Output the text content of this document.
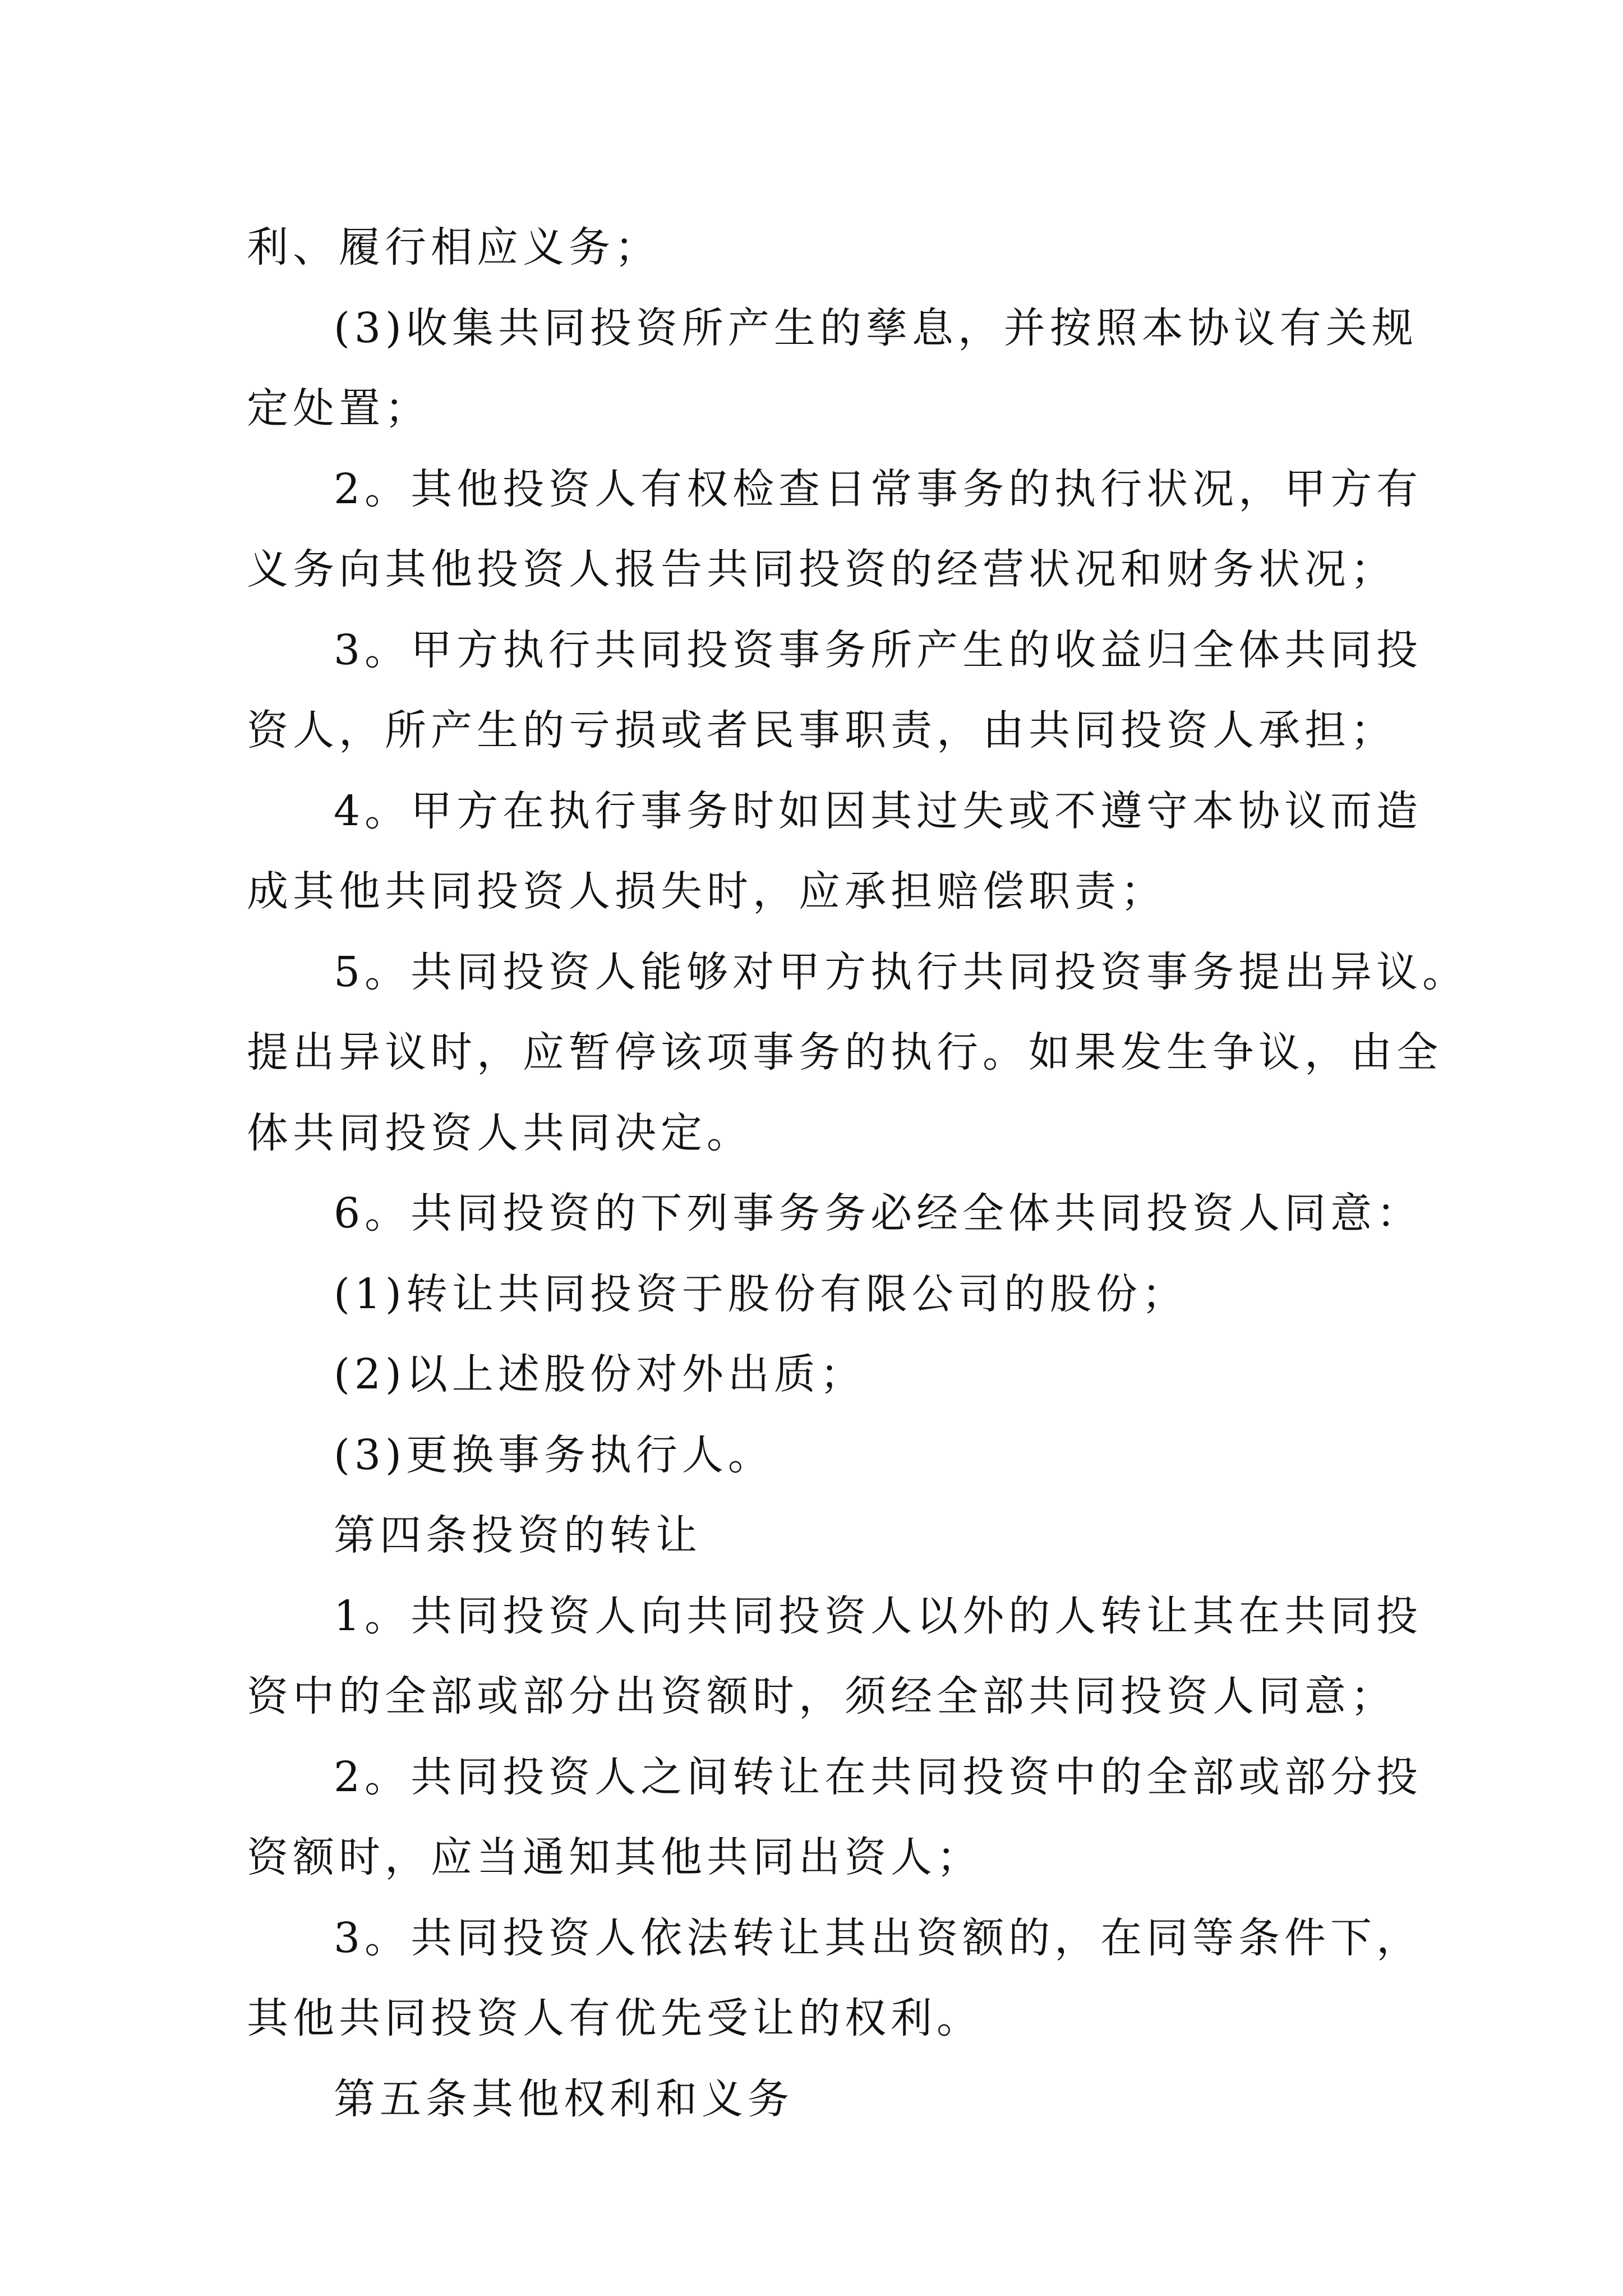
利、履行相应义务；
(3)收集共同投资所产生的孳息，并按照本协议有关规
定处置；
2。其他投资人有权检查日常事务的执行状况，甲方有
义务向其他投资人报告共同投资的经营状况和财务状况；
3。甲方执行共同投资事务所产生的收益归全体共同投
资人，所产生的亏损或者民事职责，由共同投资人承担；
4。甲方在执行事务时如因其过失或不遵守本协议而造
成其他共同投资人损失时，应承担赔偿职责；
5。共同投资人能够对甲方执行共同投资事务提出异议。
提出异议时，应暂停该项事务的执行。如果发生争议，由全
体共同投资人共同决定。
6。共同投资的下列事务务必经全体共同投资人同意：
(1)转让共同投资于股份有限公司的股份；
(2)以上述股份对外出质；
(3)更换事务执行人。
第四条投资的转让
1。共同投资人向共同投资人以外的人转让其在共同投
资中的全部或部分出资额时，须经全部共同投资人同意；
2。共同投资人之间转让在共同投资中的全部或部分投
资额时，应当通知其他共同出资人；
3。共同投资人依法转让其出资额的，在同等条件下，
其他共同投资人有优先受让的权利。
第五条其他权利和义务
